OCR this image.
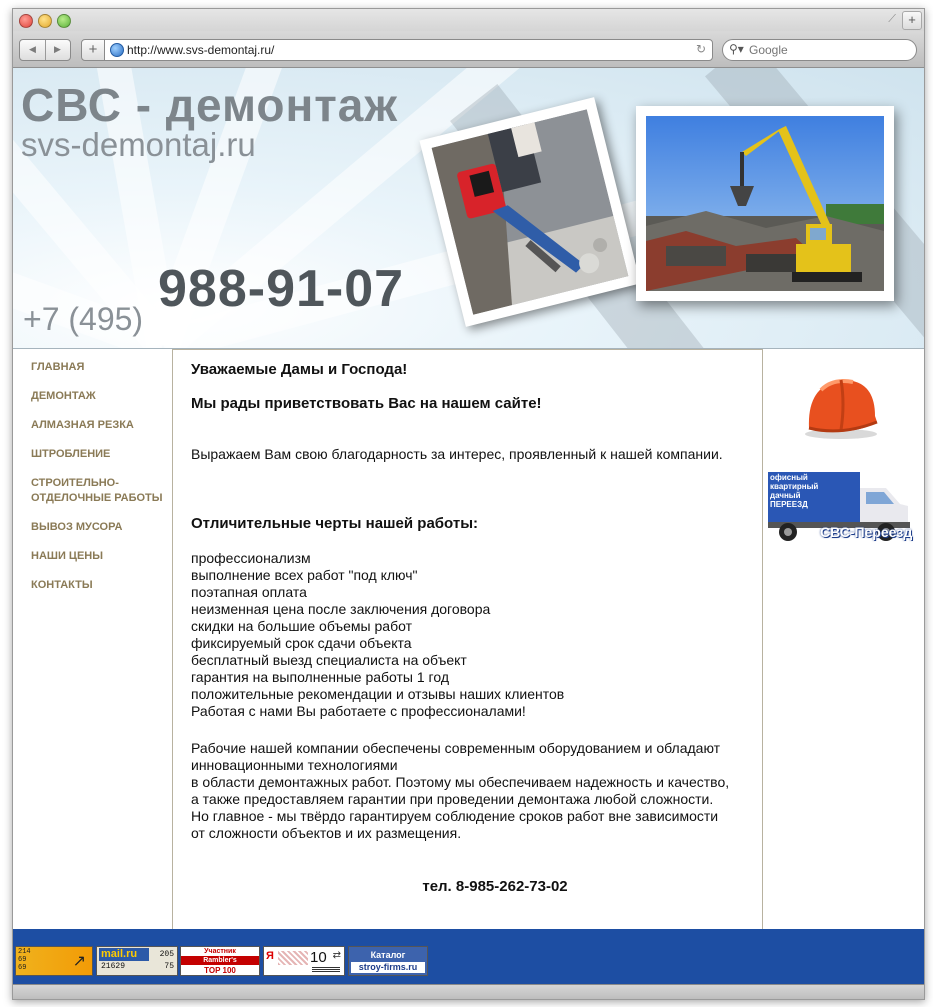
⟋ +
◀	▶	+	http://www.svs-demontaj.ru/	↻ ⚲▾
Google
СВС - демонтаж
svs-demontaj.ru
+7 (495)
988-91-07
ГЛАВНАЯ
ДЕМОНТАЖ
АЛМАЗНАЯ РЕЗКА
ШТРОБЛЕНИЕ
СТРОИТЕЛЬНО-
ОТДЕЛОЧНЫЕ РАБОТЫ
ВЫВОЗ МУСОРА
НАШИ ЦЕНЫ
КОНТАКТЫ
Уважаемые Дамы и Господа!
Мы рады приветствовать Вас на нашем сайте!
Выражаем Вам свою благодарность за интерес, проявленный к нашей компании.
Отличительные черты нашей работы:
профессионализм
выполнение всех работ "под ключ"
поэтапная оплата
неизменная цена после заключения договора
скидки на большие объемы работ
фиксируемый срок сдачи объекта
бесплатный выезд специалиста на объект
гарантия на выполненные работы 1 год
положительные рекомендации и отзывы наших клиентов
Работая с нами Вы работаете с профессионалами!
Рабочие нашей компании обеспечены современным оборудованием и обладают
инновационными технологиями
в области демонтажных работ. Поэтому мы обеспечиваем надежность и качество,
а также предоставляем гарантии при проведении демонтажа любой сложности.
Но главное - мы твёрдо гарантируем соблюдение сроков работ вне зависимости
от сложности объектов и их размещения.
тел. 8-985-262-73-02
офисный
квартирный
дачный
ПЕРЕЕЗД
СВС-Переезд
214
69
69	↗ mail.ru
21629
205
75
Участник
Rambler's
TOP 100
Я 10 ⇄	Каталог
stroy-firms.ru
